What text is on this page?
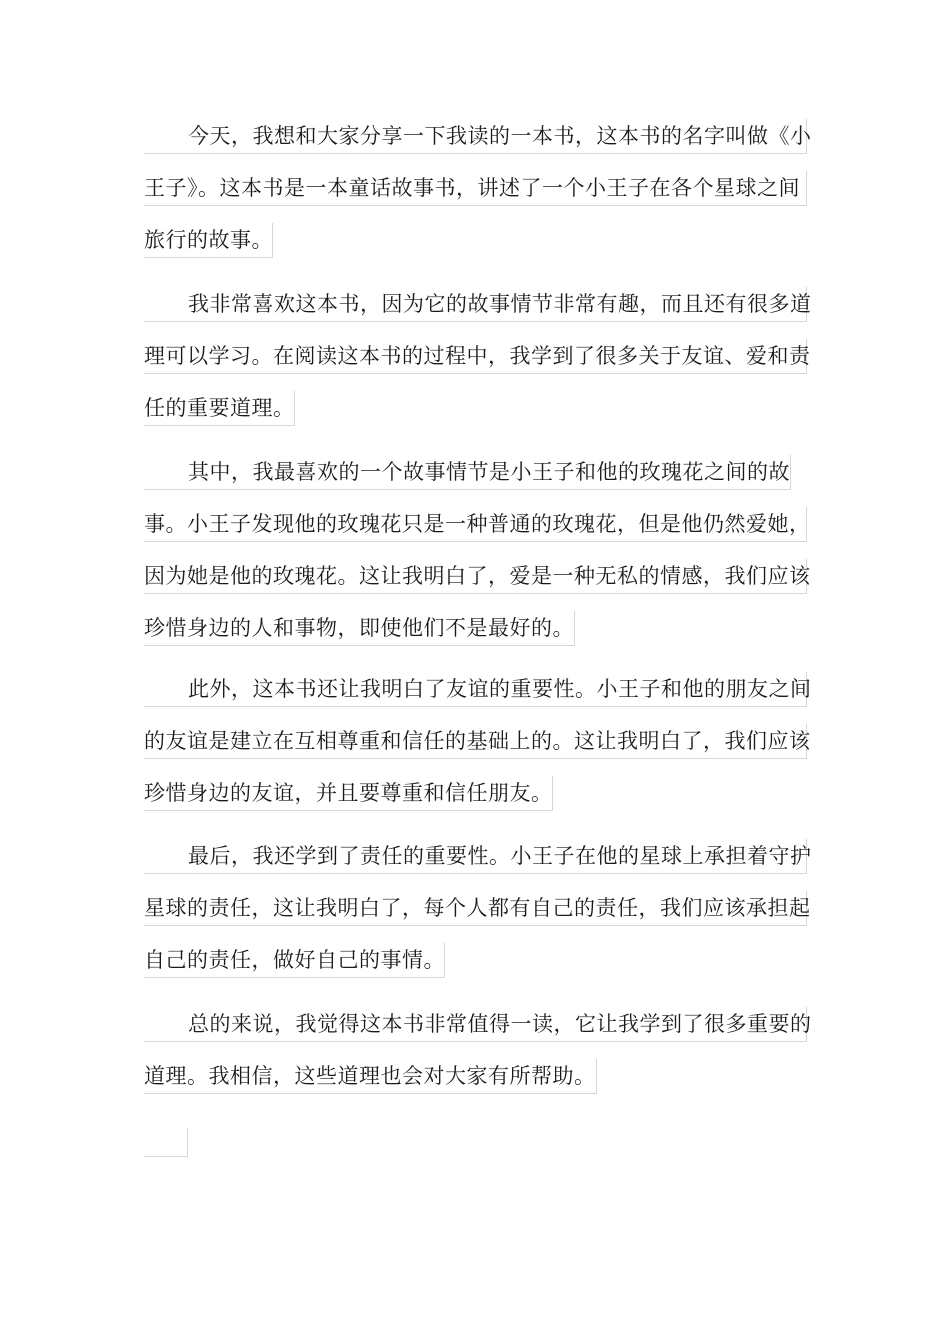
今天，我想和大家分享一下我读的一本书，这本书的名字叫做《小
王子》。这本书是一本童话故事书，讲述了一个小王子在各个星球之间
旅行的故事。
我非常喜欢这本书，因为它的故事情节非常有趣，而且还有很多道
理可以学习。在阅读这本书的过程中，我学到了很多关于友谊、爱和责
任的重要道理。
其中，我最喜欢的一个故事情节是小王子和他的玫瑰花之间的故
事。小王子发现他的玫瑰花只是一种普通的玫瑰花，但是他仍然爱她，
因为她是他的玫瑰花。这让我明白了，爱是一种无私的情感，我们应该
珍惜身边的人和事物，即使他们不是最好的。
此外，这本书还让我明白了友谊的重要性。小王子和他的朋友之间
的友谊是建立在互相尊重和信任的基础上的。这让我明白了，我们应该
珍惜身边的友谊，并且要尊重和信任朋友。
最后，我还学到了责任的重要性。小王子在他的星球上承担着守护
星球的责任，这让我明白了，每个人都有自己的责任，我们应该承担起
自己的责任，做好自己的事情。
总的来说，我觉得这本书非常值得一读，它让我学到了很多重要的
道理。我相信，这些道理也会对大家有所帮助。
